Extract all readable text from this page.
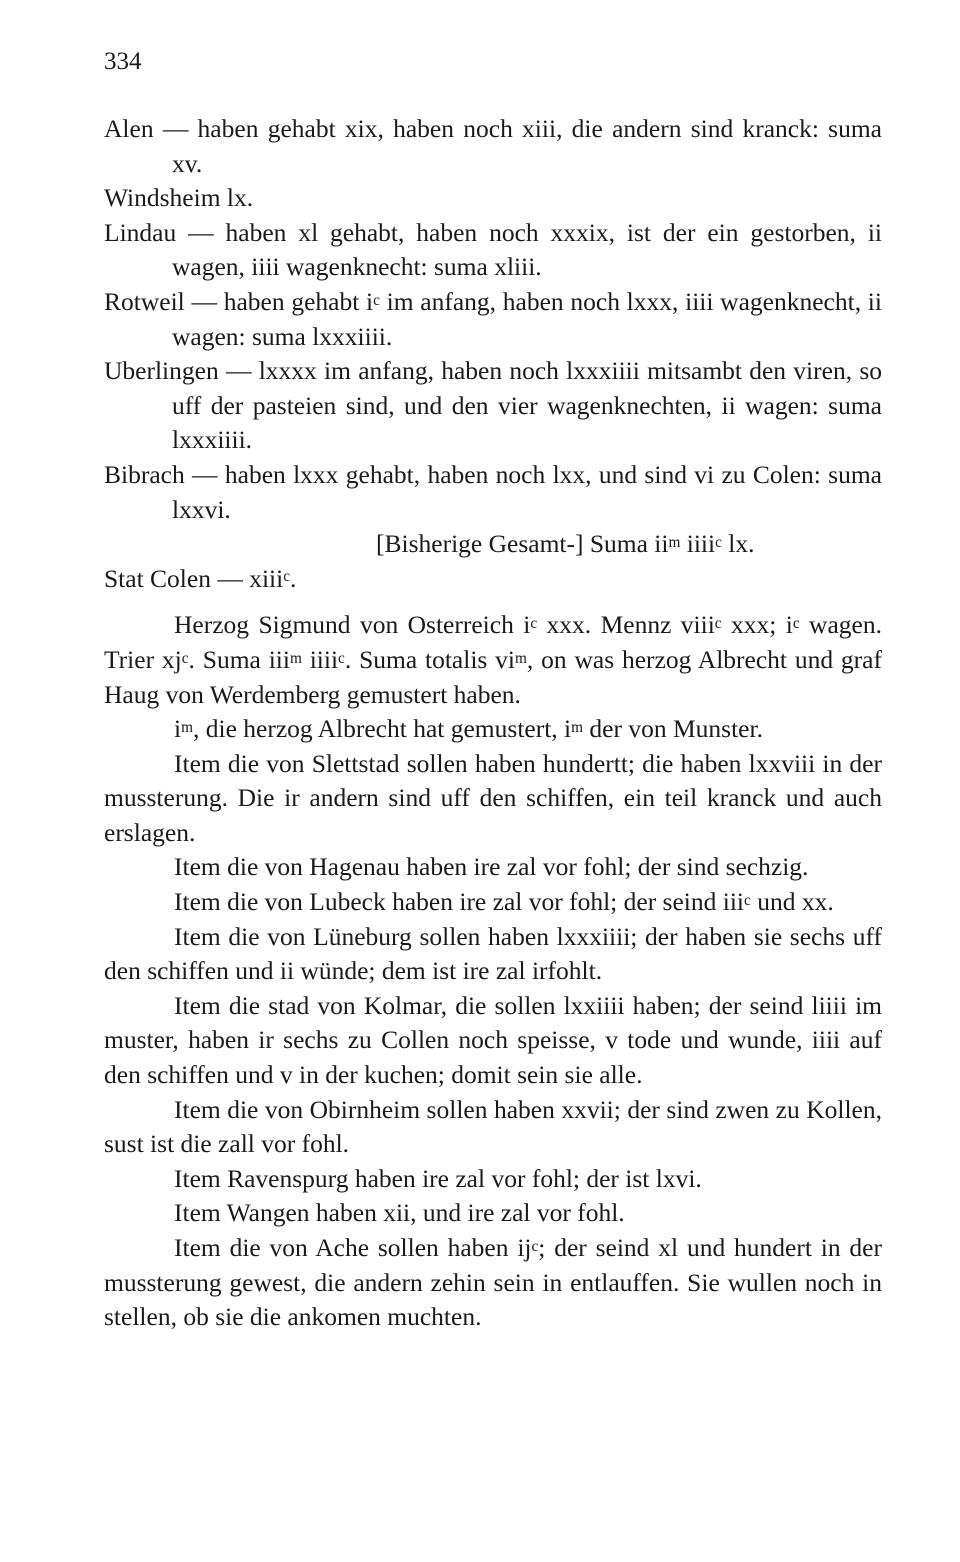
334

Alen — haben gehabt xix, haben noch xiii, die andern sind kranck: suma xv.

Windsheim lx.

Lindau — haben xl gehabt, haben noch xxxix, ist der ein gestorben, ii wagen, iiii wagenknecht: suma xliii.

Rotweil — haben gehabt $i^c$ im anfang, haben noch lxxx, iiii wagenknecht, ii wagen: suma lxxxiiii.

Uberlingen — lxxxx im anfang, haben noch lxxxiiii mitsambt den viren, so uff der pasteien sind, und den vier wagenknechten, ii wagen: suma lxxxiiii.

Bibrach — haben lxxx gehabt, haben noch lxx, und sind vi zu Colen: suma lxxvi.

[Bisherige Gesamt-] Suma $ii^m$ iiii$^c$ lx.

Stat Colen — xiii$^c$.

Herzog Sigmund von Osterreich $i^c$ xxx. Mennz viii$^c$ xxx; $i^c$ wagen. Trier $xj^c$. Suma iii$^m$ iiii$^c$. Suma totalis $vi^m$, on was herzog Albrecht und graf Haug von Werdemberg gemustert haben.

$i^m$, die herzog Albrecht hat gemustert, $i^m$ der von Munster.

Item die von Slettstad sollen haben hundertt; die haben lxxviii in der mussterung. Die ir andern sind uff den schiffen, ein teil kranck und auch erslagen.

Item die von Hagenau haben ire zal vor fohl; der sind sechzig.

Item die von Lubeck haben ire zal vor fohl; der seind iii$^c$ und xx.

Item die von Lüneburg sollen haben lxxxiiii; der haben sie sechs uff den schiffen und ii wünde; dem ist ire zal irfohlt.

Item die stad von Kolmar, die sollen lxxiiii haben; der seind liiii im muster, haben ir sechs zu Collen noch speisse, v tode und wunde, iiii auf den schiffen und v in der kuchen; domit sein sie alle.

Item die von Obirnheim sollen haben xxvii; der sind zwen zu Kollen, sust ist die zall vor fohl.

Item Ravenspurg haben ire zal vor fohl; der ist lxvi.

Item Wangen haben xii, und ire zal vor fohl.

Item die von Ache sollen haben $ij^c$; der seind xl und hundert in der mussterung gewest, die andern zehin sein in entlauffen. Sie wullen noch in stellen, ob sie die ankomen muchten.
